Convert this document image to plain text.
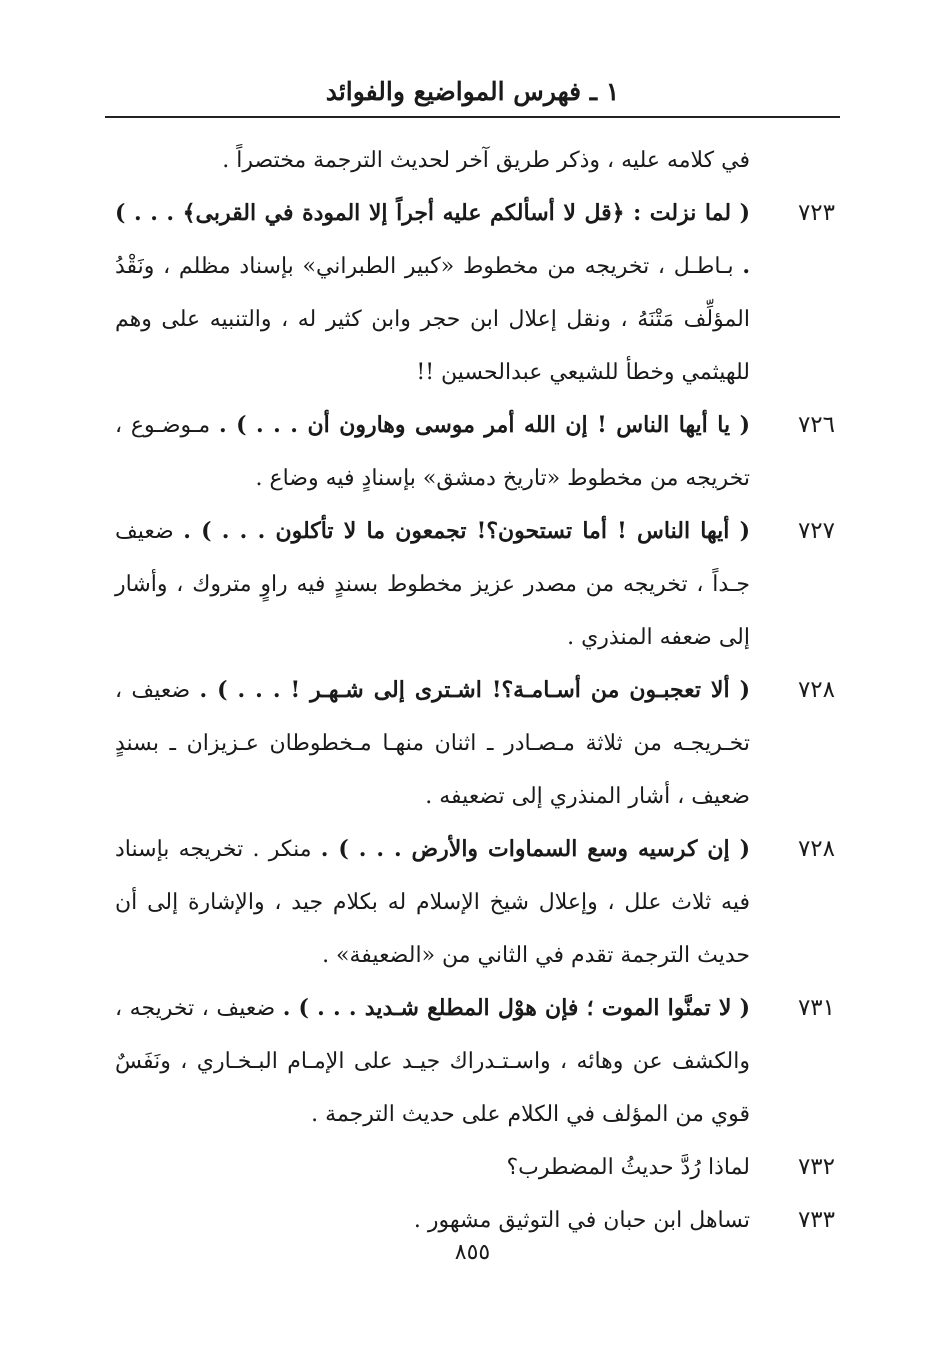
١ ـ فهرس المواضيع والفوائد

في كلامه عليه ، وذكر طريق آخر لحديث الترجمة مختصراً .

٧٢٣
( لما نزلت : ﴿قل لا أسألكم عليه أجراً إلا المودة في القربى﴾ . . . ) . بـاطـل ، تخريجه من مخطوط «كبير الطبراني» بإسناد مظلم ، ونَقْدُ المؤلِّف مَتْنَهُ ، ونقل إعلال ابن حجر وابن كثير له ، والتنبيه على وهم للهيثمي وخطأ للشيعي عبدالحسين !!
٧٢٦
( يا أيها الناس ! إن الله أمر موسى وهارون أن . . . ) . مـوضـوع ، تخريجه من مخطوط «تاريخ دمشق» بإسنادٍ فيه وضاع .
٧٢٧
( أيها الناس ! أما تستحون؟! تجمعون ما لا تأكلون . . . ) . ضعيف جـداً ، تخريجه من مصدر عزيز مخطوط بسندٍ فيه راوٍ متروك ، وأشار إلى ضعفه المنذري .
٧٢٨
( ألا تعجبـون من أسـامـة؟! اشـترى إلى شـهـر ! . . . ) . ضعيف ، تخـريجـه من ثلاثة مـصـادر ـ اثنان منهـا مـخطوطان عـزيزان ـ بسندٍ ضعيف ، أشار المنذري إلى تضعيفه .
٧٢٨
( إن كرسيه وسع السماوات والأرض . . . ) . منكر . تخريجه بإسناد فيه ثلاث علل ، وإعلال شيخ الإسلام له بكلام جيد ، والإشارة إلى أن حديث الترجمة تقدم في الثاني من «الضعيفة» .
٧٣١
( لا تمنَّوا الموت ؛ فإن هوْل المطلع شـديد . . . ) . ضعيف ، تخريجه ، والكشف عن وهائه ، واسـتـدراك جيـد على الإمـام البـخـاري ، ونَفَسٌ قوي من المؤلف في الكلام على حديث الترجمة .
٧٣٢
لماذا رُدَّ حديثُ المضطرب؟
٧٣٣
تساهل ابن حبان في التوثيق مشهور .
٨٥٥
